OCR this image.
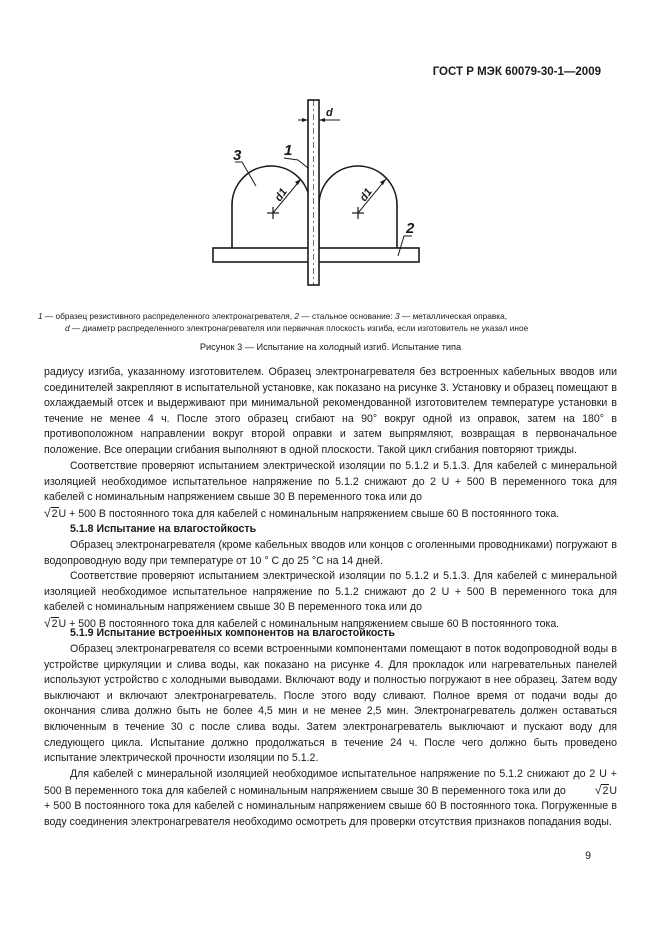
ГОСТ Р МЭК 60079-30-1—2009
d
d1	d1
1
3
2
1 — образец резистивного распределенного электронагревателя, 2 — стальное основание: 3 — металлическая оправка,
d — диаметр распределенного электронагревателя или первичная плоскость изгиба, если изготовитель не указал иное
Рисунок 3 — Испытание на холодный изгиб. Испытание типа

радиусу изгиба, указанному изготовителем. Образец электронагревателя без встроенных кабельных вводов или соединителей закрепляют в испытательной установке, как показано на рисунке 3. Установку и образец помещают в охлаждаемый отсек и выдерживают при минимальной рекомендованной изготовителем температуре установки в течение не менее 4 ч. После этого образец сгибают на 90° вокруг одной из оправок, затем на 180° в противоположном направлении вокруг второй оправки и затем выпрямляют, возвращая в первоначальное положение. Все операции сгибания выполняют в одной плоскости. Такой цикл сгибания повторяют трижды.

Соответствие проверяют испытанием электрической изоляции по 5.1.2 и 5.1.3. Для кабелей с минеральной изоляцией необходимое испытательное напряжение по 5.1.2 снижают до 2 U + 500 В переменного тока для кабелей с номинальным напряжением свыше 30 В переменного тока или до
√2U + 500 В постоянного тока для кабелей с номинальным напряжением свыше 60 В постоянного тока.

5.1.8 Испытание на влагостойкость

Образец электронагревателя (кроме кабельных вводов или концов с оголенными проводниками) погружают в водопроводную воду при температуре от 10 ° С до 25 °С на 14 дней.

Соответствие проверяют испытанием электрической изоляции по 5.1.2 и 5.1.3. Для кабелей с минеральной изоляцией необходимое испытательное напряжение по 5.1.2 снижают до 2 U + 500 В переменного тока для кабелей с номинальным напряжением свыше 30 В переменного тока или до
√2U + 500 В постоянного тока для кабелей с номинальным напряжением свыше 60 В постоянного тока.

5.1.9 Испытание встроенных компонентов на влагостойкость

Образец электронагревателя со всеми встроенными компонентами помещают в поток водопроводной воды в устройстве циркуляции и слива воды, как показано на рисунке 4. Для прокладок или нагревательных панелей используют устройство с холодными выводами. Включают воду и полностью погружают в нее образец. Затем воду выключают и включают электронагреватель. После этого воду сливают. Полное время от подачи воды до окончания слива должно быть не более 4,5 мин и не менее 2,5 мин. Электронагреватель должен оставаться включенным в течение 30 с после слива воды. Затем электронагреватель выключают и пускают воду для следующего цикла. Испытание должно продолжаться в течение 24 ч. После чего должно быть проведено испытание электрической прочности изоляции по 5.1.2.

Для кабелей с минеральной изоляцией необходимое испытательное напряжение по 5.1.2 снижают до 2 U + 500 В переменного тока для кабелей с номинальным напряжением свыше 30 В переменного тока или до √2U + 500 В постоянного тока для кабелей с номинальным напряжением свыше 60 В постоянного тока. Погруженные в воду соединения электронагревателя необходимо осмотреть для проверки отсутствия признаков попадания воды.

9
